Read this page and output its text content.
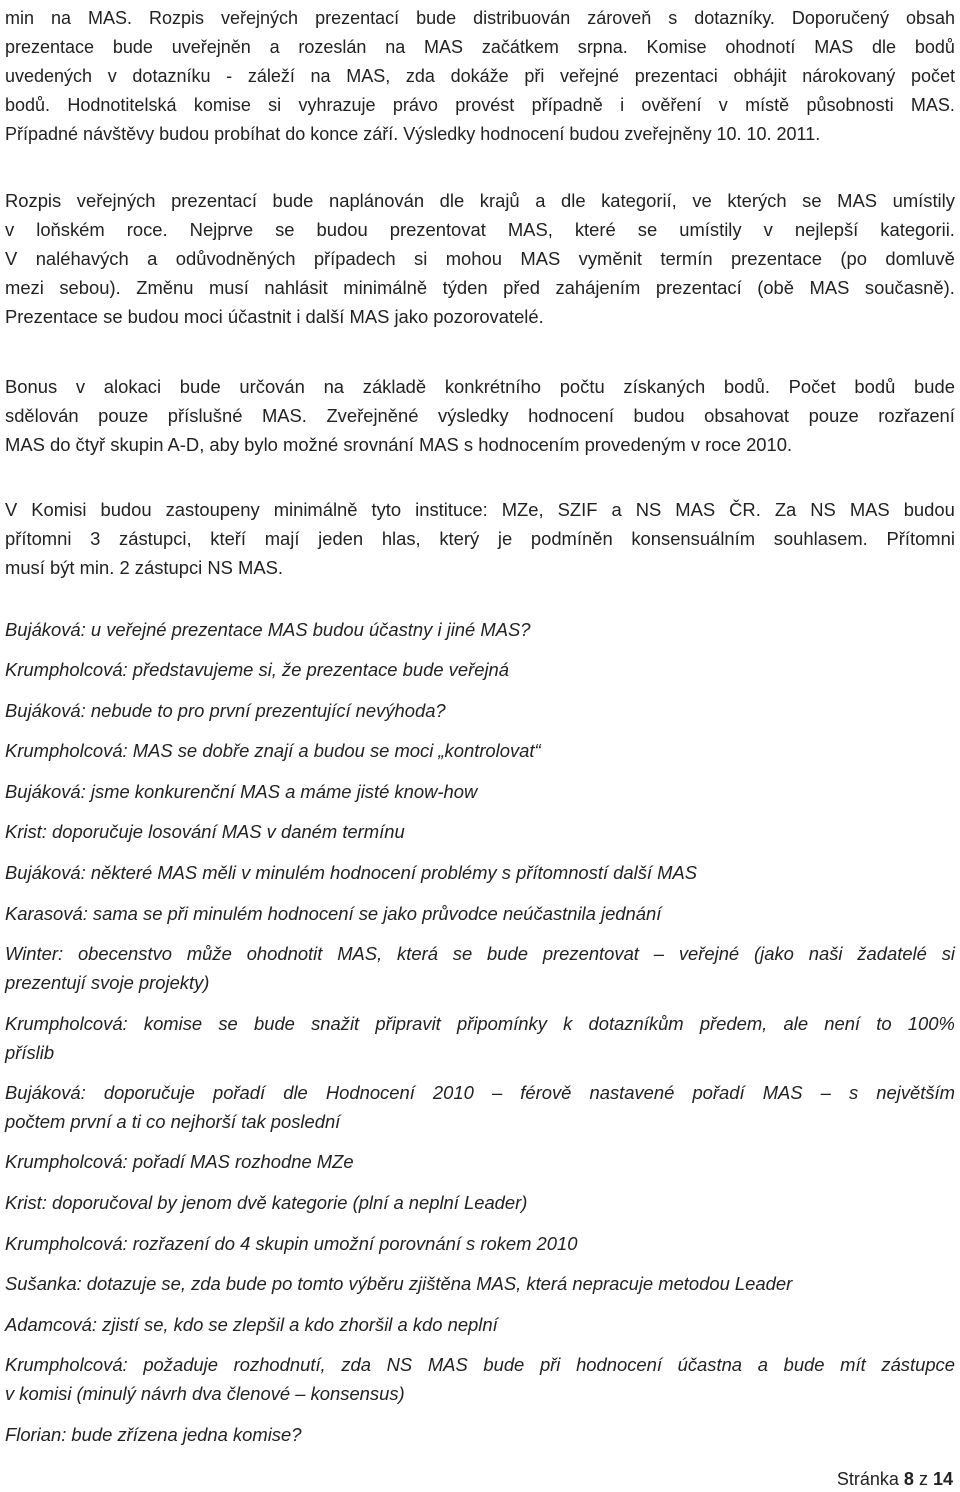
min na MAS. Rozpis veřejných prezentací bude distribuován zároveň s dotazníky. Doporučený obsah
prezentace bude uveřejněn a rozeslán na MAS začátkem srpna. Komise ohodnotí MAS dle bodů
uvedených v dotazníku - záleží na MAS, zda dokáže při veřejné prezentaci obhájit nárokovaný počet
bodů. Hodnotitelská komise si vyhrazuje právo provést případně i ověření v místě působnosti MAS.
Případné návštěvy budou probíhat do konce září. Výsledky hodnocení budou zveřejněny 10. 10. 2011.
Rozpis veřejných prezentací bude naplánován dle krajů a dle kategorií, ve kterých se MAS umístily
v loňském roce. Nejprve se budou prezentovat MAS, které se umístily v nejlepší kategorii.
V naléhavých a odůvodněných případech si mohou MAS vyměnit termín prezentace (po domluvě
mezi sebou). Změnu musí nahlásit minimálně týden před zahájením prezentací (obě MAS současně).
Prezentace se budou moci účastnit i další MAS jako pozorovatelé.
Bonus v alokaci bude určován na základě konkrétního počtu získaných bodů. Počet bodů bude
sdělován pouze příslušné MAS. Zveřejněné výsledky hodnocení budou obsahovat pouze rozřazení
MAS do čtyř skupin A-D, aby bylo možné srovnání MAS s hodnocením provedeným v roce 2010.
V Komisi budou zastoupeny minimálně tyto instituce: MZe, SZIF a NS MAS ČR. Za NS MAS budou
přítomni 3 zástupci, kteří mají jeden hlas, který je podmíněn konsensuálním souhlasem. Přítomni
musí být min. 2 zástupci NS MAS.
Bujáková: u veřejné prezentace MAS budou účastny i jiné MAS?
Krumpholcová: představujeme si, že prezentace bude veřejná
Bujáková: nebude to pro první prezentující nevýhoda?
Krumpholcová: MAS se dobře znají a budou se moci „kontrolovat“
Bujáková: jsme konkurenční MAS a máme jisté know-how
Krist: doporučuje losování MAS v daném termínu
Bujáková: některé MAS měli v minulém hodnocení problémy s přítomností další MAS
Karasová: sama se při minulém hodnocení se jako průvodce neúčastnila jednání
Winter: obecenstvo může ohodnotit MAS, která se bude prezentovat – veřejné (jako naši žadatelé si
prezentují svoje projekty)
Krumpholcová: komise se bude snažit připravit připomínky k dotazníkům předem, ale není to 100%
příslib
Bujáková: doporučuje pořadí dle Hodnocení 2010 – férově nastavené pořadí MAS – s největším
počtem první a ti co nejhorší tak poslední
Krumpholcová: pořadí MAS rozhodne MZe
Krist: doporučoval by jenom dvě kategorie (plní a neplní Leader)
Krumpholcová: rozřazení do 4 skupin umožní porovnání s rokem 2010
Sušanka: dotazuje se, zda bude po tomto výběru zjištěna MAS, která nepracuje metodou Leader
Adamcová: zjistí se, kdo se zlepšil a kdo zhoršil a kdo neplní
Krumpholcová: požaduje rozhodnutí, zda NS MAS bude při hodnocení účastna a bude mít zástupce
v komisi (minulý návrh dva členové – konsensus)
Florian: bude zřízena jedna komise?
Stránka 8 z 14
